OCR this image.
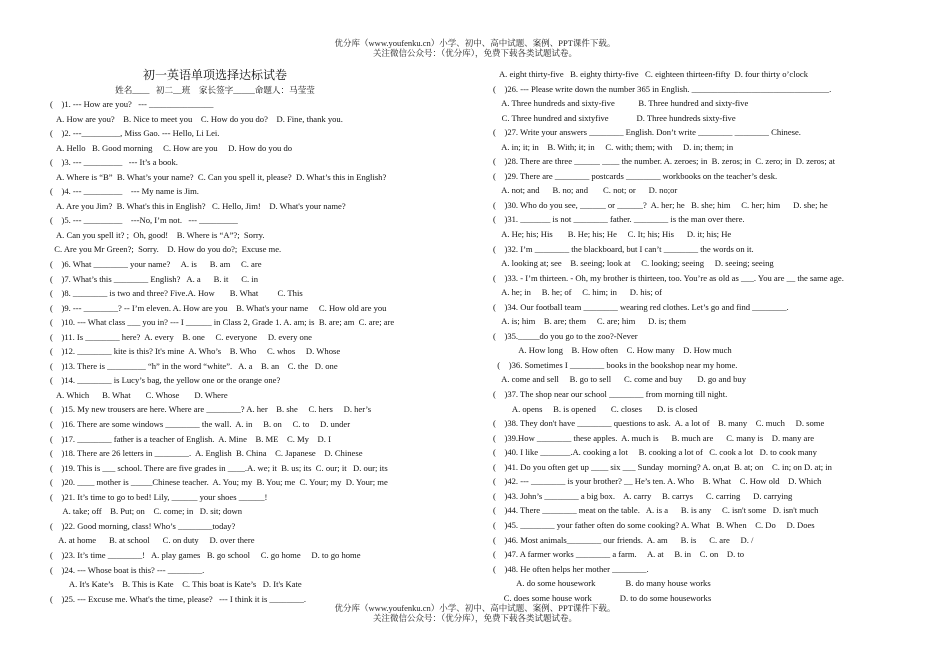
优分库（www.youfenku.cn）小学、初中、高中试题、案例、PPT课件下载。
关注微信公众号：（优分库），免费下载各类试题试卷。
初一英语单项选择达标试卷
姓名____   初二__班    家长签字_____命题人：马莹莹
(    )1. --- How are you?   --- _______________
A. How are you?    B. Nice to meet you    C. How do you do?    D. Fine, thank you.
(    )2. ---_________, Miss Gao. --- Hello, Li Lei.
A. Hello   B. Good morning     C. How are you     D. How do you do
(    )3. --- _________   --- It’s a book.
A. Where is “B”  B. What’s your name?  C. Can you spell it, please?  D. What’s this in English?
(    )4. --- _________    --- My name is Jim.
A. Are you Jim?  B. What's this in English?   C. Hello, Jim!    D. What's your name?
(    )5. --- _________    ---No, I’m not.   --- _________
A. Can you spell it? ;  Oh, good!    B. Where is “A”?;  Sorry.
C. Are you Mr Green?;  Sorry.    D. How do you do?;  Excuse me.
(    )6. What ________ your name?     A. is      B. am     C. are
(    )7. What’s this ________ English?   A. a      B. it      C. in
(    )8. ________ is two and three? Five.A. How       B. What         C. This
(    )9. --- ________? -- I’m eleven. A. How are you    B. What's your name     C. How old are you
(    )10. --- What class ___ you in? --- I ______ in Class 2, Grade 1. A. am; is  B. are; am  C. are; are
(    )11. Is ________ here?  A. every    B. one     C. everyone     D. every one
(    )12. ________ kite is this? It's mine  A. Who’s    B. Who     C. whos     D. Whose
(    )13. There is _________ “h” in the word “white”.   A. a    B. an    C. the   D. one
(    )14. ________ is Lucy’s bag, the yellow one or the orange one?
A. Which      B. What       C. Whose       D. Where
(    )15. My new trousers are here. Where are ________? A. her    B. she     C. hers     D. her’s
(    )16. There are some windows ________ the wall.  A. in     B. on     C. to     D. under
(    )17. ________ father is a teacher of English.  A. Mine    B. ME    C. My    D. I
(    )18. There are 26 letters in ________.  A. English  B. China    C. Japanese    D. Chinese
(    )19. This is ___ school. There are five grades in ____.A. we; it  B. us; its  C. our; it   D. our; its
(    )20. ____ mother is _____Chinese teacher.  A. You; my  B. You; me  C. Your; my  D. Your; me
(    )21. It’s time to go to bed! Lily, ______ your shoes ______!
A. take; off    B. Put; on    C. come; in   D. sit; down
(    )22. Good morning, class! Who’s ________today?
A. at home      B. at school      C. on duty     D. over there
(    )23. It’s time ________!   A. play games   B. go school     C. go home     D. to go home
(    )24. --- Whose boat is this? --- ________.
A. It's Kate’s    B. This is Kate    C. This boat is Kate’s   D. It's Kate
(    )25. --- Excuse me. What's the time, please?   --- I think it is ________.
A. eight thirty-five   B. eighty thirty-five   C. eighteen thirteen-fifty  D. four thirty o’clock
(    )26. --- Please write down the number 365 in English. ________________________________.
A. Three hundreds and sixty-five           B. Three hundred and sixty-five
C. Three hundred and sixtyfive             D. Three hundreds sixty-five
(    )27. Write your answers ________ English. Don’t write ________ ________ Chinese.
A. in; it; in    B. With; it; in     C. with; them; with     D. in; them; in
(    )28. There are three ______ ____ the number. A. zeroes; in  B. zeros; in  C. zero; in  D. zeros; at
(    )29. There are ________ postcards ________ workbooks on the teacher’s desk.
A. not; and      B. no; and       C. not; or      D. no;or
(    )30. Who do you see, ______ or ______?  A. her; he   B. she; him     C. her; him      D. she; he
(    )31. _______ is not ________ father. ________ is the man over there.
A. He; his; His       B. He; his; He     C. It; his; His      D. it; his; He
(    )32. I’m ________ the blackboard, but I can’t ________ the words on it.
A. looking at; see    B. seeing; look at     C. looking; seeing     D. seeing; seeing
(    )33. - I’m thirteen. - Oh, my brother is thirteen, too. You’re as old as ___. You are __ the same age.
A. he; in     B. he; of     C. him; in      D. his; of
(    )34. Our football team ________ wearing red clothes. Let’s go and find ________.
A. is; him    B. are; them     C. are; him      D. is; them
(    )35._____do you go to the zoo?-Never
A. How long    B. How often    C. How many    D. How much
(    )36. Sometimes I ________ books in the bookshop near my home.
A. come and sell     B. go to sell      C. come and buy       D. go and buy
(    )37. The shop near our school ________ from morning till night.
A. opens     B. is opened       C. closes       D. is closed
(    )38. They don't have ________ questions to ask.  A. a lot of    B. many    C. much     D. some
(    )39.How ________ these apples.  A. much is      B. much are      C. many is    D. many are
(    )40. I like _______.A. cooking a lot     B. cooking a lot of   C. cook a lot   D. to cook many
(    )41. Do you often get up ____ six ___ Sunday  morning? A. on,at  B. at; on    C. in; on D. at; in
(    )42. --- ________ is your brother? __ He’s ten. A. Who    B. What    C. How old    D. Which
(    )43. John’s ________ a big box.    A. carry     B. carrys      C. carring      D. carrying
(    )44. There ________ meat on the table.   A. is a      B. is any     C. isn't some   D. isn't much
(    )45. ________ your father often do some cooking? A. What   B. When    C. Do     D. Does
(    )46. Most animals________ our friends.  A. am      B. is      C. are     D. /
(    )47. A farmer works ________ a farm.     A. at     B. in    C. on    D. to
(    )48. He often helps her mother ________.
A. do some housework              B. do many house works
C. does some house work             D. to do some houseworks
优分库（www.youfenku.cn）小学、初中、高中试题、案例、PPT课件下载。
关注微信公众号：（优分库），免费下载各类试题试卷。
